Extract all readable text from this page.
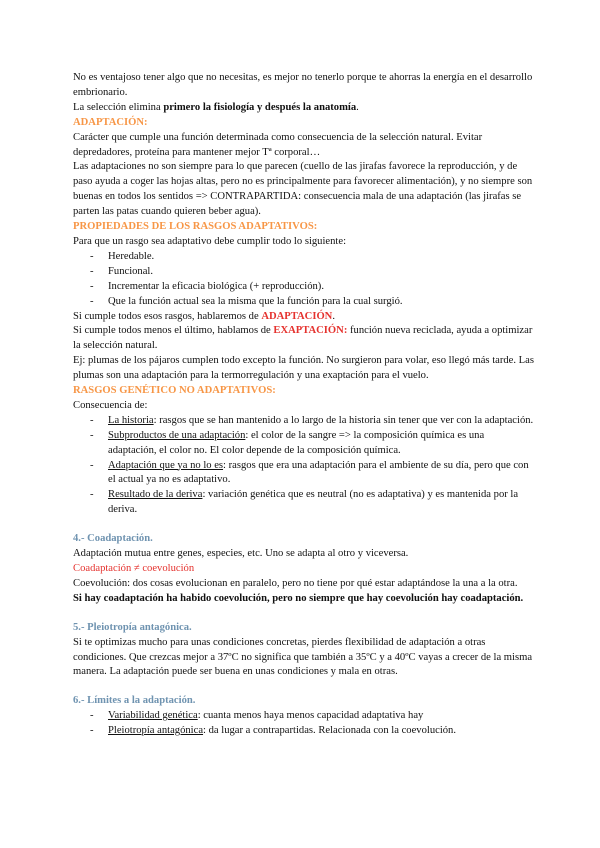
No es ventajoso tener algo que no necesitas, es mejor no tenerlo porque te ahorras la energía en el desarrollo embrionario.

La selección elimina primero la fisiología y después la anatomía.

ADAPTACIÓN:

Carácter que cumple una función determinada como consecuencia de la selección natural. Evitar depredadores, proteína para mantener mejor Tª corporal…

Las adaptaciones no son siempre para lo que parecen (cuello de las jirafas favorece la reproducción, y de paso ayuda a coger las hojas altas, pero no es principalmente para favorecer alimentación), y no siempre son buenas en todos los sentidos => CONTRAPARTIDA: consecuencia mala de una adaptación (las jirafas se parten las patas cuando quieren beber agua).

PROPIEDADES DE LOS RASGOS ADAPTATIVOS:

Para que un rasgo sea adaptativo debe cumplir todo lo siguiente:

- Heredable.
- Funcional.
- Incrementar la eficacia biológica (+ reproducción).
- Que la función actual sea la misma que la función para la cual surgió.

Si cumple todos esos rasgos, hablaremos de ADAPTACIÓN.

Si cumple todos menos el último, hablamos de EXAPTACIÓN: función nueva reciclada, ayuda a optimizar la selección natural.

Ej: plumas de los pájaros cumplen todo excepto la función. No surgieron para volar, eso llegó más tarde. Las plumas son una adaptación para la termorregulación y una exaptación para el vuelo.

RASGOS GENÉTICO NO ADAPTATIVOS:

Consecuencia de:

- La historia: rasgos que se han mantenido a lo largo de la historia sin tener que ver con la adaptación.
- Subproductos de una adaptación: el color de la sangre => la composición química es una adaptación, el color no. El color depende de la composición química.
- Adaptación que ya no lo es: rasgos que era una adaptación para el ambiente de su día, pero que con el actual ya no es adaptativo.
- Resultado de la deriva: variación genética que es neutral (no es adaptativa) y es mantenida por la deriva.

4.- Coadaptación.

Adaptación mutua entre genes, especies, etc. Uno se adapta al otro y viceversa.

Coadaptación ≠ coevolución

Coevolución: dos cosas evolucionan en paralelo, pero no tiene por qué estar adaptándose la una a la otra.

Si hay coadaptación ha habido coevolución, pero no siempre que hay coevolución hay coadaptación.

5.- Pleiotropía antagónica.

Si te optimizas mucho para unas condiciones concretas, pierdes flexibilidad de adaptación a otras condiciones. Que crezcas mejor a 37ºC no significa que también a 35ºC y a 40ºC vayas a crecer de la misma manera. La adaptación puede ser buena en unas condiciones y mala en otras.

6.- Límites a la adaptación.

- Variabilidad genética: cuanta menos haya menos capacidad adaptativa hay
- Pleiotropía antagónica: da lugar a contrapartidas. Relacionada con la coevolución.
